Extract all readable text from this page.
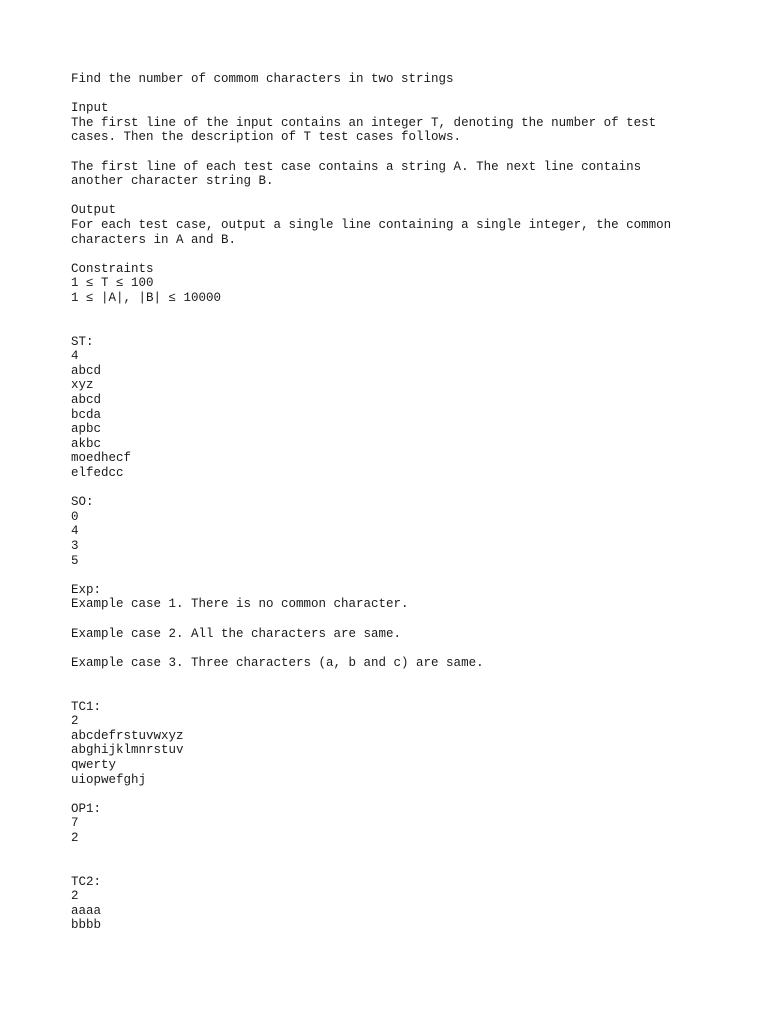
Find the number of commom characters in two strings
Input
The first line of the input contains an integer T, denoting the number of test
cases. Then the description of T test cases follows.
The first line of each test case contains a string A. The next line contains
another character string B.
Output
For each test case, output a single line containing a single integer, the common
characters in A and B.
Constraints
1 ≤ T ≤ 100
1 ≤ |A|, |B| ≤ 10000
ST:
4
abcd
xyz
abcd
bcda
apbc
akbc
moedhecf
elfedcc
SO:
0
4
3
5
Exp:
Example case 1. There is no common character.
Example case 2. All the characters are same.
Example case 3. Three characters (a, b and c) are same.
TC1:
2
abcdefrstuvwxyz
abghijklmnrstuv
qwerty
uiopwefghj
OP1:
7
2
TC2:
2
aaaa
bbbb
